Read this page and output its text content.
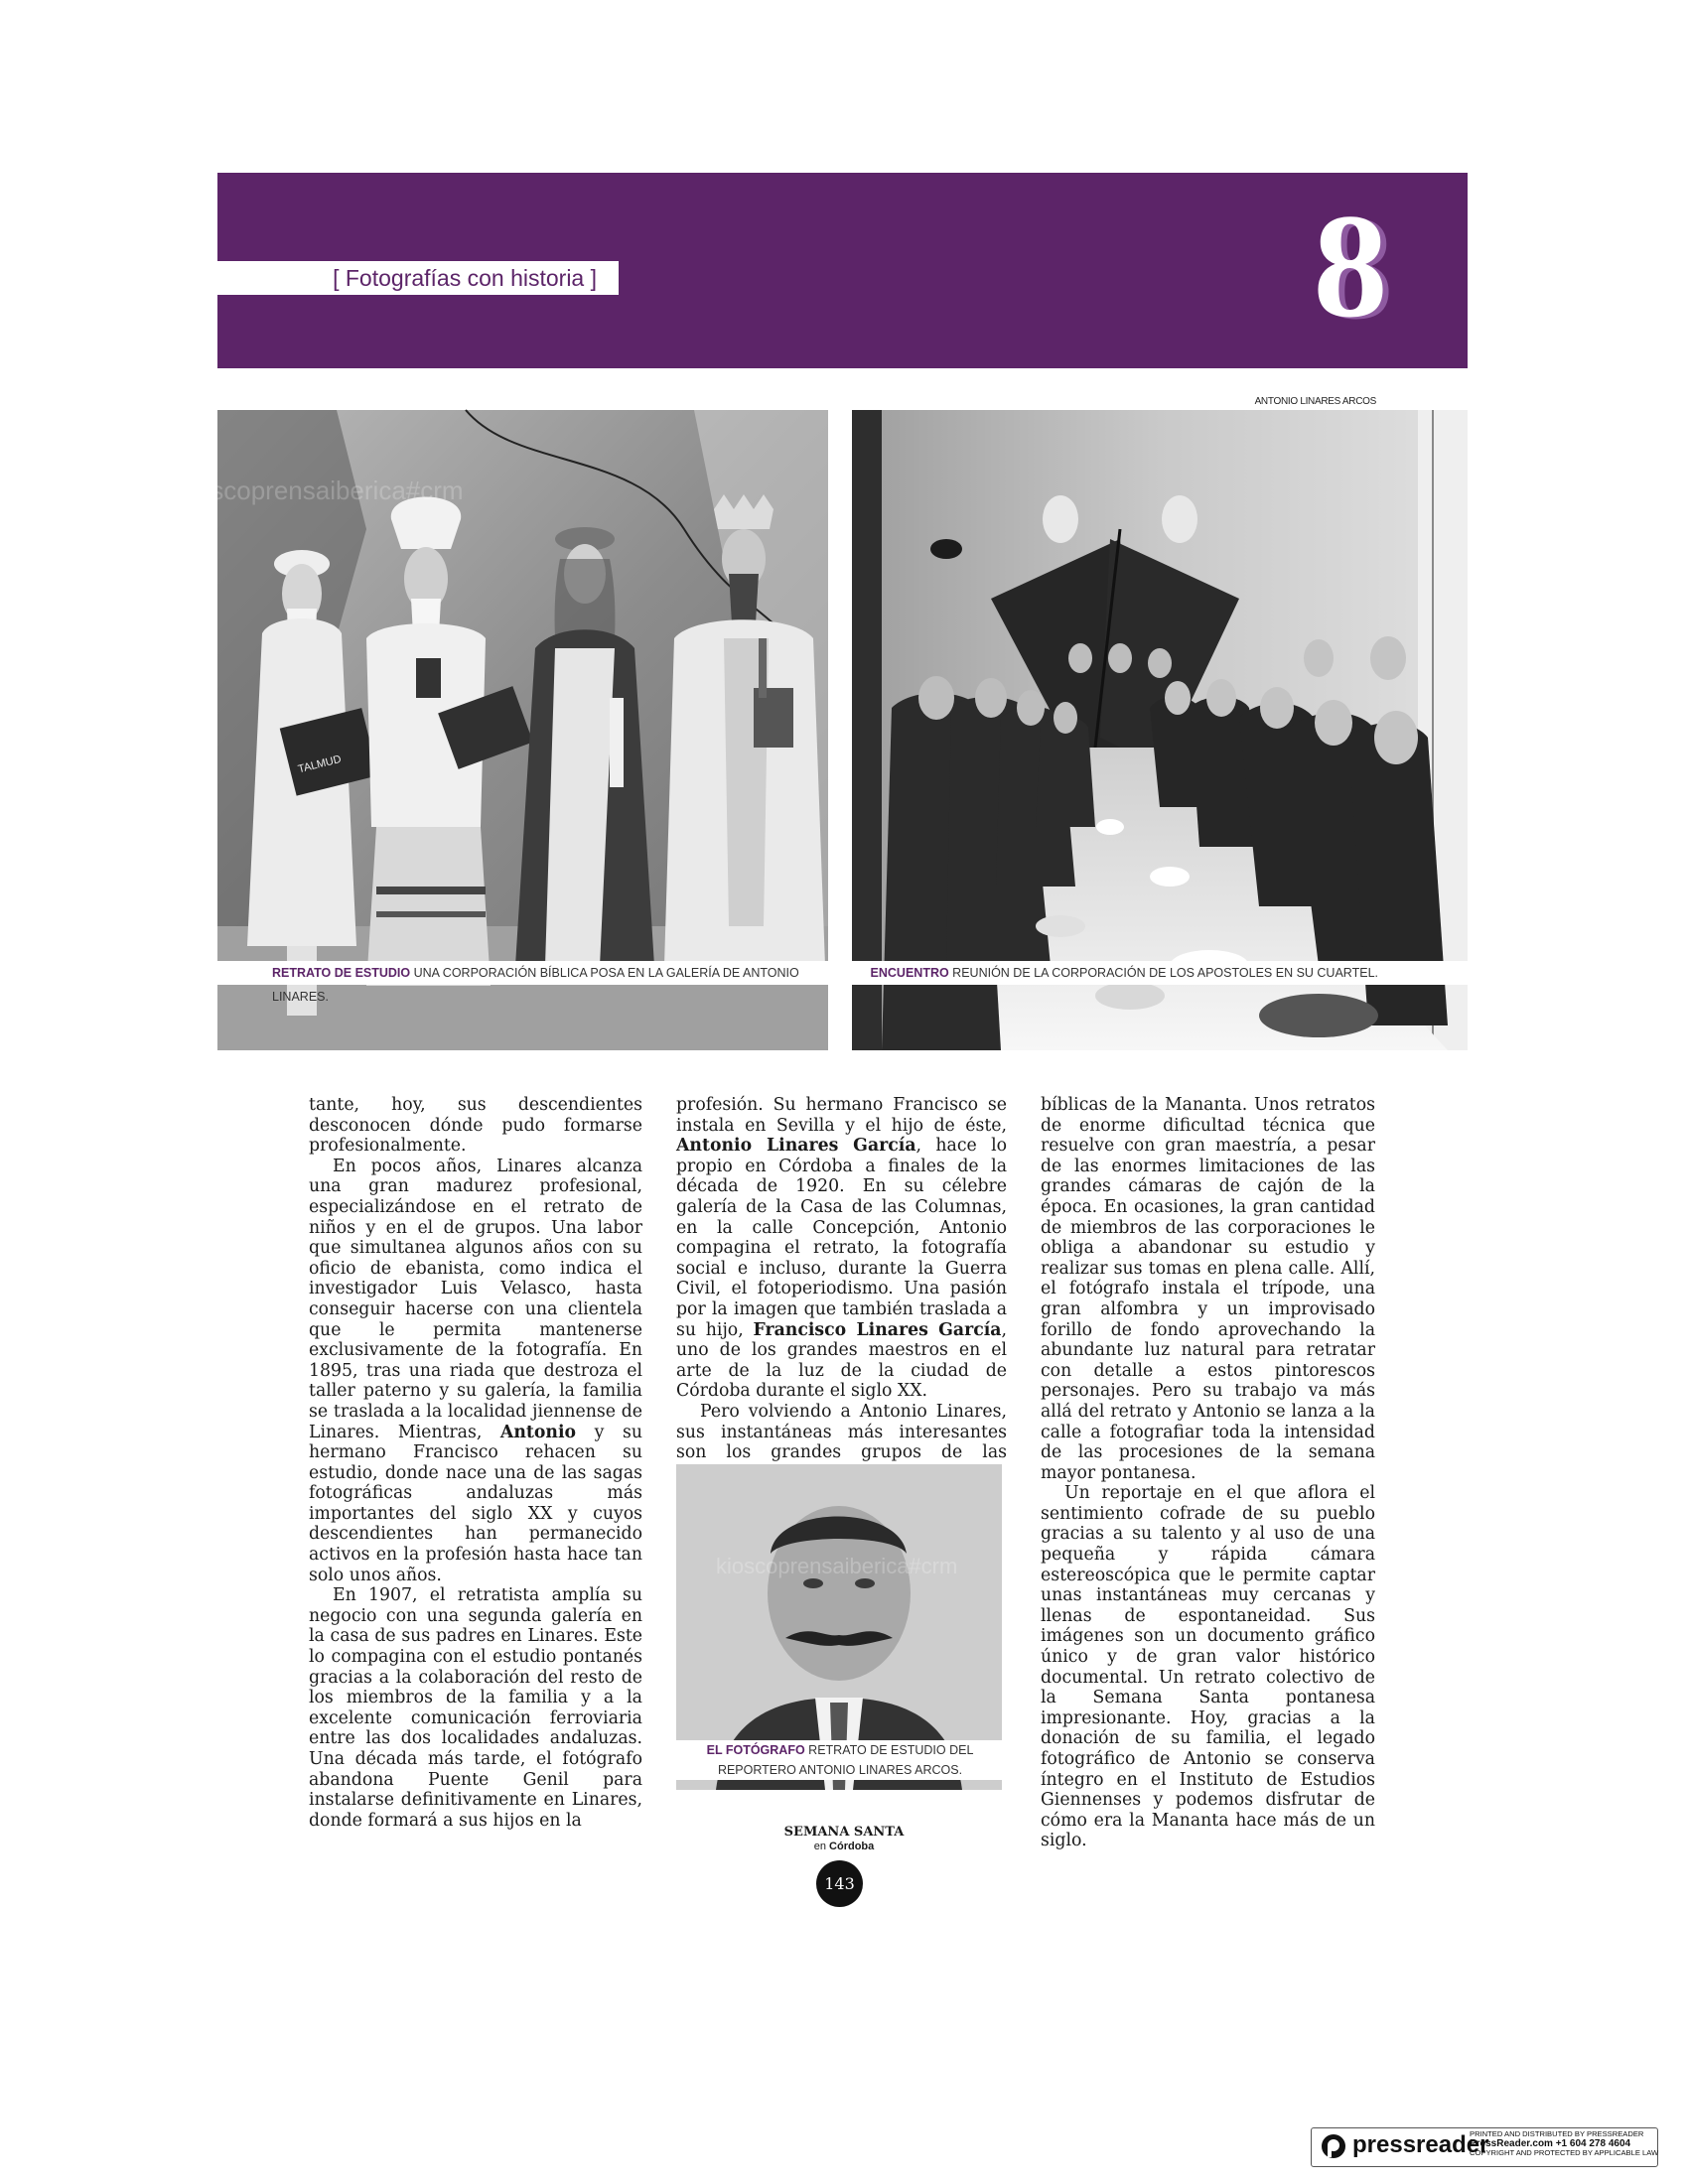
[ Fotografías con historia ]	8
ANTONIO LINARES ARCOS
TALMUD
kioscoprensaiberica#crm
RETRATO DE ESTUDIO UNA CORPORACIÓN BÍBLICA POSA EN LA GALERÍA DE ANTONIO LINARES.
ENCUENTRO REUNIÓN DE LA CORPORACIÓN DE LOS APOSTOLES EN SU CUARTEL.

tante, hoy, sus descendientes desconocen dónde pudo formarse profesionalmente.

En pocos años, Linares alcanza una gran madurez profesional, especializándose en el retrato de niños y en el de grupos. Una labor que simultanea algunos años con su oficio de ebanista, como indica el investigador Luis Velasco, hasta conseguir hacerse con una clientela que le permita mantenerse exclusivamente de la fotografía. En 1895, tras una riada que destroza el taller paterno y su galería, la familia se traslada a la localidad jiennense de Linares. Mientras, Antonio y su hermano Francisco rehacen su estudio, donde nace una de las sagas fotográficas andaluzas más importantes del siglo XX y cuyos descendientes han permanecido activos en la profesión hasta hace tan solo unos años.

En 1907, el retratista amplía su negocio con una segunda galería en la casa de sus padres en Linares. Este lo compagina con el estudio pontanés gracias a la colaboración del resto de los miembros de la familia y a la excelente comunicación ferroviaria entre las dos localidades andaluzas. Una década más tarde, el fotógrafo abandona Puente Genil para instalarse definitivamente en Linares, donde formará a sus hijos en la

profesión. Su hermano Francisco se instala en Sevilla y el hijo de éste, Antonio Linares García, hace lo propio en Córdoba a finales de la década de 1920. En su célebre galería de la Casa de las Columnas, en la calle Concepción, Antonio compagina el retrato, la fotografía social e incluso, durante la Guerra Civil, el fotoperiodismo. Una pasión por la imagen que también traslada a su hijo, Francisco Linares García, uno de los grandes maestros en el arte de la luz de la ciudad de Córdoba durante el siglo XX.

Pero volviendo a Antonio Linares, sus instantáneas más interesantes son los grandes grupos de las

bíblicas de la Mananta. Unos retratos de enorme dificultad técnica que resuelve con gran maestría, a pesar de las enormes limitaciones de las grandes cámaras de cajón de la época. En ocasiones, la gran cantidad de miembros de las corporaciones le obliga a abandonar su estudio y realizar sus tomas en plena calle. Allí, el fotógrafo instala el trípode, una gran alfombra y un improvisado forillo de fondo aprovechando la abundante luz natural para retratar con detalle a estos pintorescos personajes. Pero su trabajo va más allá del retrato y Antonio se lanza a la calle a fotografiar toda la intensidad de las procesiones de la semana mayor pontanesa.

Un reportaje en el que aflora el sentimiento cofrade de su pueblo gracias a su talento y al uso de una pequeña y rápida cámara estereoscópica que le permite captar unas instantáneas muy cercanas y llenas de espontaneidad. Sus imágenes son un documento gráfico único y de gran valor histórico documental. Un retrato colectivo de la Semana Santa pontanesa impresionante. Hoy, gracias a la donación de su familia, el legado fotográfico de Antonio se conserva íntegro en el Instituto de Estudios Giennenses y podemos disfrutar de cómo era la Mananta hace más de un siglo.

kioscoprensaiberica#crm
EL FOTÓGRAFO RETRATO DE ESTUDIO DEL REPORTERO ANTONIO LINARES ARCOS.
SEMANA SANTA
en Córdoba
143
pressreader
PRINTED AND DISTRIBUTED BY PRESSREADER
PressReader.com +1 604 278 4604
COPYRIGHT AND PROTECTED BY APPLICABLE LAW
